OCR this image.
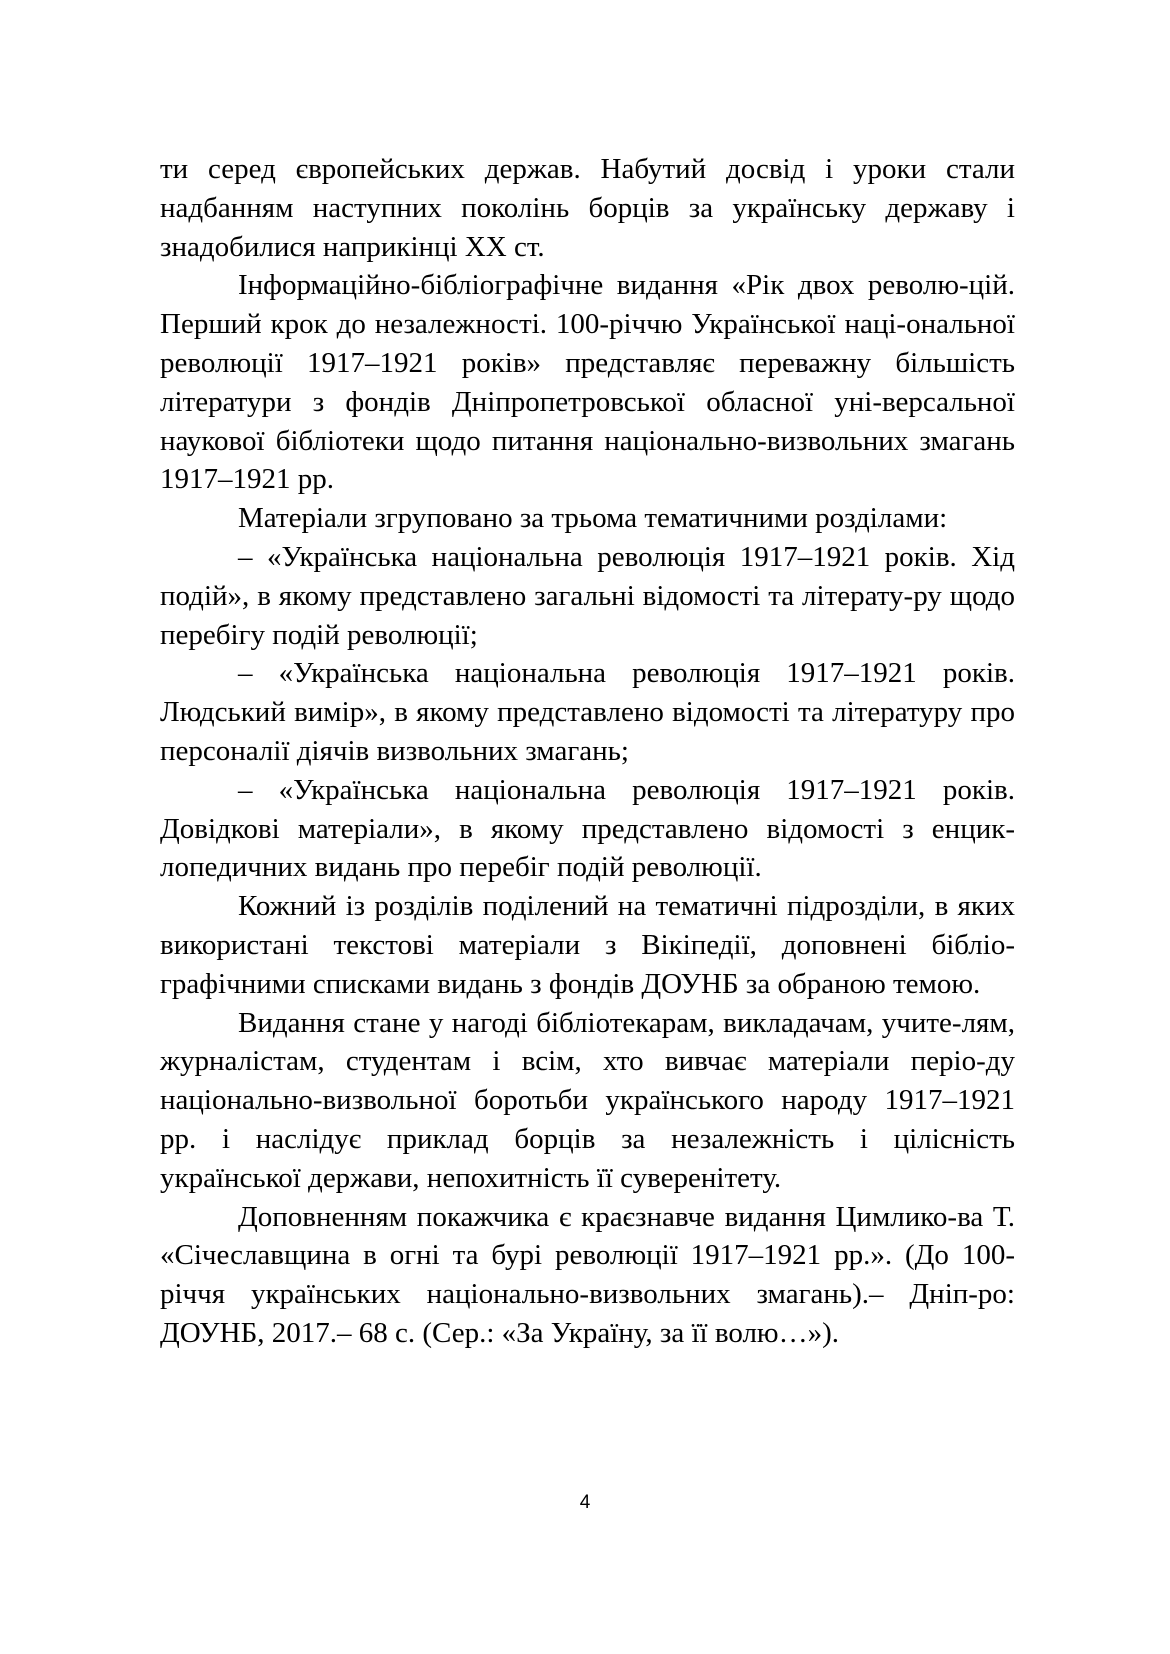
ти серед європейських держав. Набутий досвід і уроки стали надбанням наступних поколінь борців за українську державу і знадобилися наприкінці XX ст.

Інформаційно-бібліографічне видання «Рік двох револю-цій. Перший крок до незалежності. 100-річчю Української наці-ональної революції 1917–1921 років» представляє переважну більшість літератури з фондів Дніпропетровської обласної уні-версальної наукової бібліотеки щодо питання національно-визвольних змагань 1917–1921 рр.

Матеріали згруповано за трьома тематичними розділами:

– «Українська національна революція 1917–1921 років. Хід подій», в якому представлено загальні відомості та літерату-ру щодо перебігу подій революції;

– «Українська національна революція 1917–1921 років. Людський вимір», в якому представлено відомості та літературу про персоналії діячів визвольних змагань;

– «Українська національна революція 1917–1921 років. Довідкові матеріали», в якому представлено відомості з енцик-лопедичних видань про перебіг подій революції.

Кожний із розділів поділений на тематичні підрозділи, в яких використані текстові матеріали з Вікіпедії, доповнені бібліо-графічними списками видань з фондів ДОУНБ за обраною темою.

Видання стане у нагоді бібліотекарам, викладачам, учите-лям, журналістам, студентам і всім, хто вивчає матеріали періо-ду національно-визвольної боротьби українського народу 1917–1921 рр. і наслідує приклад борців за незалежність і цілісність української держави, непохитність її суверенітету.

Доповненням покажчика є краєзнавче видання Цимлико-ва Т. «Січеславщина в огні та бурі революції 1917–1921 рр.». (До 100-річчя українських національно-визвольних змагань).– Дніп-ро: ДОУНБ, 2017.– 68 с. (Сер.: «За Україну, за її волю…»).

4
